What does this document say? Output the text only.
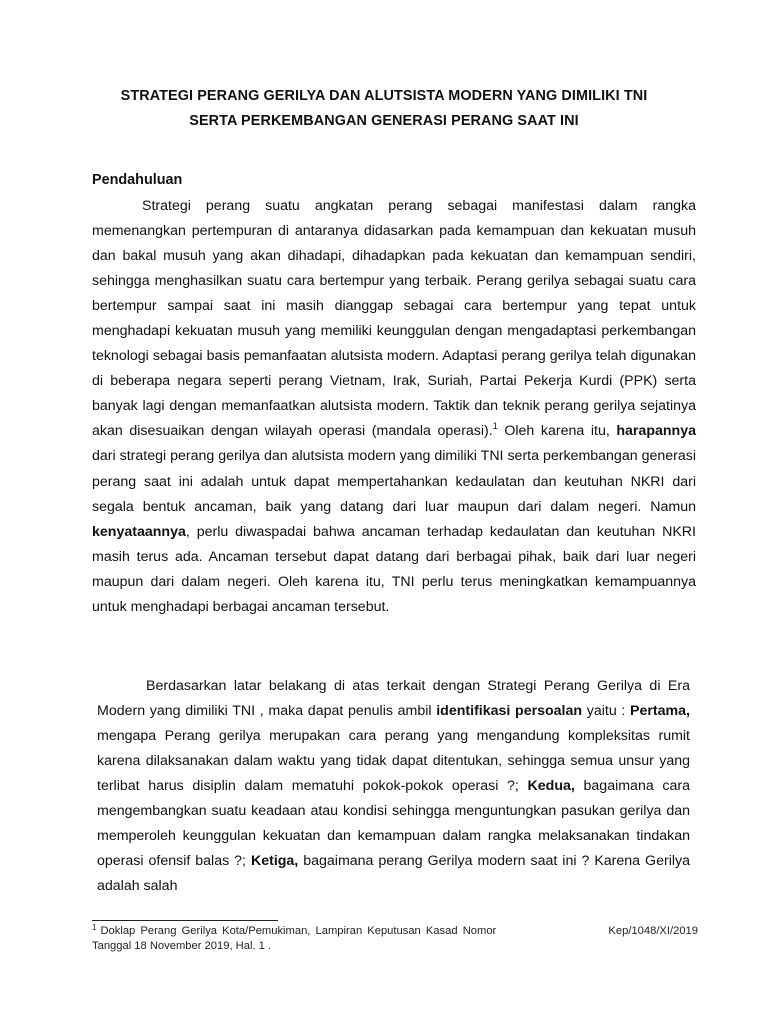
STRATEGI PERANG GERILYA DAN ALUTSISTA MODERN YANG DIMILIKI TNI
SERTA PERKEMBANGAN GENERASI PERANG SAAT INI
Pendahuluan
Strategi perang suatu angkatan perang sebagai manifestasi dalam rangka memenangkan pertempuran di antaranya didasarkan pada kemampuan dan kekuatan musuh dan bakal musuh yang akan dihadapi, dihadapkan pada kekuatan dan kemampuan sendiri, sehingga menghasilkan suatu cara bertempur yang terbaik. Perang gerilya sebagai suatu cara bertempur sampai saat ini masih dianggap sebagai cara bertempur yang tepat untuk menghadapi kekuatan musuh yang memiliki keunggulan dengan mengadaptasi perkembangan teknologi sebagai basis pemanfaatan alutsista modern. Adaptasi perang gerilya telah digunakan di beberapa negara seperti perang Vietnam, Irak, Suriah, Partai Pekerja Kurdi (PPK) serta banyak lagi dengan memanfaatkan alutsista modern. Taktik dan teknik perang gerilya sejatinya akan disesuaikan dengan wilayah operasi (mandala operasi).$^1$ Oleh karena itu, harapannya dari strategi perang gerilya dan alutsista modern yang dimiliki TNI serta perkembangan generasi perang saat ini adalah untuk dapat mempertahankan kedaulatan dan keutuhan NKRI dari segala bentuk ancaman, baik yang datang dari luar maupun dari dalam negeri. Namun kenyataannya, perlu diwaspadai bahwa ancaman terhadap kedaulatan dan keutuhan NKRI masih terus ada. Ancaman tersebut dapat datang dari berbagai pihak, baik dari luar negeri maupun dari dalam negeri. Oleh karena itu, TNI perlu terus meningkatkan kemampuannya untuk menghadapi berbagai ancaman tersebut.
Berdasarkan latar belakang di atas terkait dengan Strategi Perang Gerilya di Era Modern yang dimiliki TNI , maka dapat penulis ambil identifikasi persoalan yaitu : Pertama, mengapa Perang gerilya merupakan cara perang yang mengandung kompleksitas rumit karena dilaksanakan dalam waktu yang tidak dapat ditentukan, sehingga semua unsur yang terlibat harus disiplin dalam mematuhi pokok-pokok operasi ?; Kedua, bagaimana cara mengembangkan suatu keadaan atau kondisi sehingga menguntungkan pasukan gerilya dan memperoleh keunggulan kekuatan dan kemampuan dalam rangka melaksanakan tindakan operasi ofensif balas ?; Ketiga, bagaimana perang Gerilya modern saat ini ? Karena Gerilya adalah salah
$^1$ Doklap Perang Gerilya Kota/Pemukiman, Lampiran Keputusan Kasad Nomor	Kep/1048/XI/2019
Tanggal 18 November 2019, Hal. 1 .
